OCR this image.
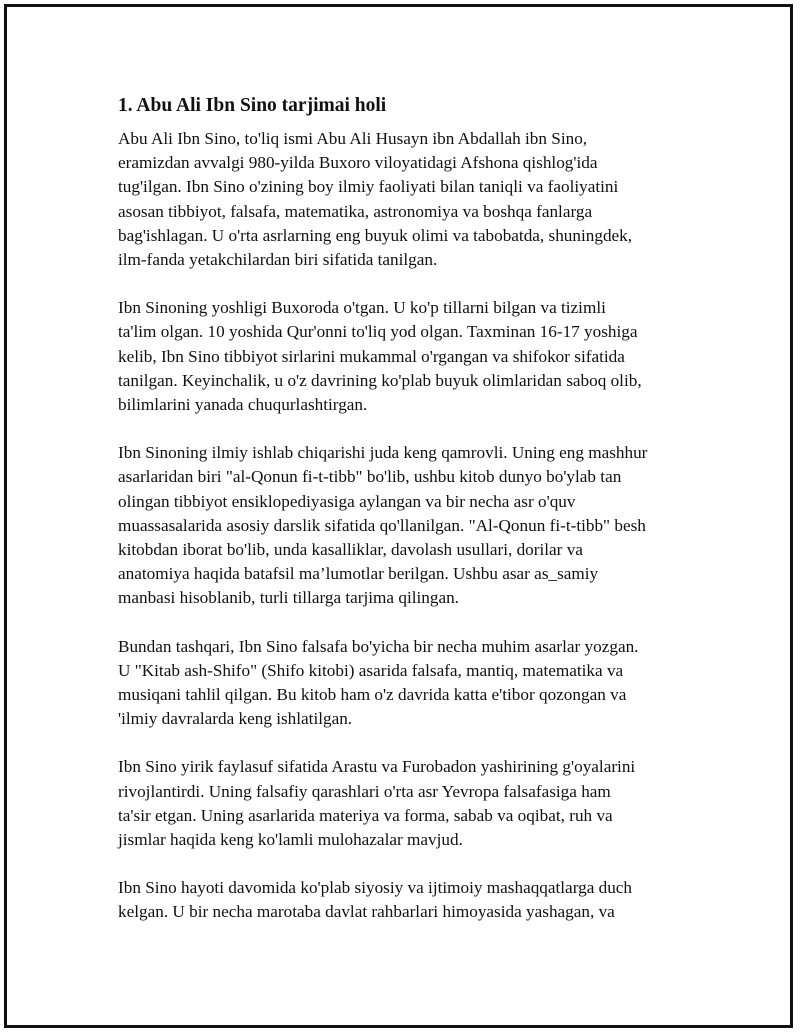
1. Abu Ali Ibn Sino tarjimai holi

Abu Ali Ibn Sino, to'liq ismi Abu Ali Husayn ibn Abdallah ibn Sino,
eramizdan avvalgi 980-yilda Buxoro viloyatidagi Afshona qishlog'ida
tug'ilgan. Ibn Sino o'zining boy ilmiy faoliyati bilan taniqli va faoliyatini
asosan tibbiyot, falsafa, matematika, astronomiya va boshqa fanlarga
bag'ishlagan. U o'rta asrlarning eng buyuk olimi va tabobatda, shuningdek,
ilm-fanda yetakchilardan biri sifatida tanilgan.

Ibn Sinoning yoshligi Buxoroda o'tgan. U ko'p tillarni bilgan va tizimli
ta'lim olgan. 10 yoshida Qur'onni to'liq yod olgan. Taxminan 16-17 yoshiga
kelib, Ibn Sino tibbiyot sirlarini mukammal o'rgangan va shifokor sifatida
tanilgan. Keyinchalik, u o'z davrining ko'plab buyuk olimlaridan saboq olib,
bilimlarini yanada chuqurlashtirgan.

Ibn Sinoning ilmiy ishlab chiqarishi juda keng qamrovli. Uning eng mashhur
asarlaridan biri "al-Qonun fi-t-tibb" bo'lib, ushbu kitob dunyo bo'ylab tan
olingan tibbiyot ensiklopediyasiga aylangan va bir necha asr o'quv
muassasalarida asosiy darslik sifatida qo'llanilgan. "Al-Qonun fi-t-tibb" besh
kitobdan iborat bo'lib, unda kasalliklar, davolash usullari, dorilar va
anatomiya haqida batafsil ma’lumotlar berilgan. Ushbu asar as_samiy
manbasi hisoblanib, turli tillarga tarjima qilingan.

Bundan tashqari, Ibn Sino falsafa bo'yicha bir necha muhim asarlar yozgan.
U "Kitab ash-Shifo" (Shifo kitobi) asarida falsafa, mantiq, matematika va
musiqani tahlil qilgan. Bu kitob ham o'z davrida katta e'tibor qozongan va
'ilmiy davralarda keng ishlatilgan.

Ibn Sino yirik faylasuf sifatida Arastu va Furobadon yashirining g'oyalarini
rivojlantirdi. Uning falsafiy qarashlari o'rta asr Yevropa falsafasiga ham
ta'sir etgan. Uning asarlarida materiya va forma, sabab va oqibat, ruh va
jismlar haqida keng ko'lamli mulohazalar mavjud.

Ibn Sino hayoti davomida ko'plab siyosiy va ijtimoiy mashaqqatlarga duch
kelgan. U bir necha marotaba davlat rahbarlari himoyasida yashagan, va
